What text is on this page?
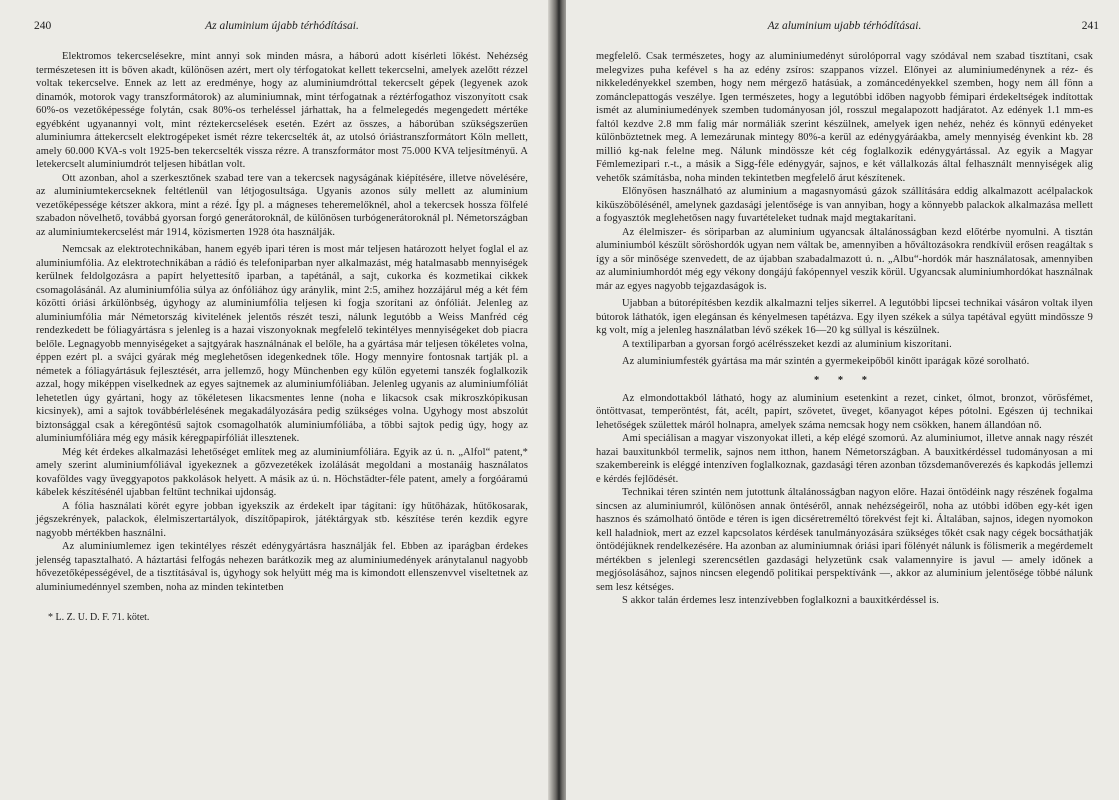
240	Az aluminium újabb térhódításai.

Elektromos tekercselésekre, mint annyi sok minden másra, a háború adott kísérleti lökést. Nehézség természetesen itt is bőven akadt, különösen azért, mert oly térfogatokat kellett tekercselni, amelyek azelőtt rézzel voltak tekercselve. Ennek az lett az eredménye, hogy az aluminiumdróttal tekercselt gépek (legyenek azok dinamók, motorok vagy transzformátorok) az aluminiumnak, mint térfogatnak a réztérfogathoz viszonyított csak 60%-os vezetőképessége folytán, csak 80%-os terheléssel járhattak, ha a felmelegedés megengedett mértéke egyébként ugyanannyi volt, mint réztekercselések esetén. Ezért az összes, a háborúban szükségszerűen aluminiumra áttekercselt elektrogépeket ismét rézre tekercselték át, az utolsó óriástranszformátort Köln mellett, amely 60.000 KVA-s volt 1925-ben tekercselték vissza rézre. A transzformátor most 75.000 KVA teljesítményű. A letekercselt aluminiumdrót teljesen hibátlan volt.

Ott azonban, ahol a szerkesztőnek szabad tere van a tekercsek nagyságának kiépítésére, illetve növelésére, az aluminiumtekercseknek feltétlenül van létjogosultsága. Ugyanis azonos súly mellett az aluminium vezetőképessége kétszer akkora, mint a rézé. Így pl. a mágneses teheremelőknél, ahol a tekercsek hossza fölfelé szabadon növelhető, továbbá gyorsan forgó generátoroknál, de különösen turbógenerátoroknál pl. Németországban az aluminiumtekercselést már 1914, közismerten 1928 óta használják.

Nemcsak az elektrotechnikában, hanem egyéb ipari téren is most már teljesen határozott helyet foglal el az aluminiumfólia. Az elektrotechnikában a rádió és telefoniparban nyer alkalmazást, még hatalmasabb mennyiségek kerülnek feldolgozásra a papírt helyettesítő iparban, a tapétánál, a sajt, cukorka és kozmetikai cikkek csomagolásánál. Az aluminiumfólia súlya az ónfóliához úgy aránylik, mint 2:5, amihez hozzájárul még a két fém közötti óriási árkülönbség, úgyhogy az aluminiumfólia teljesen ki fogja szorítani az ónfóliát. Jelenleg az aluminiumfólia már Németország kivitelének jelentős részét teszi, nálunk legutóbb a Weiss Manfréd cég rendezkedett be fóliagyártásra s jelenleg is a hazai viszonyoknak megfelelő tekintélyes mennyiségeket dob piacra belőle. Legnagyobb mennyiségeket a sajtgyárak használnának el belőle, ha a gyártása már teljesen tökéletes volna, éppen ezért pl. a svájci gyárak még meglehetősen idegenkednek tőle. Hogy mennyire fontosnak tartják pl. a németek a fóliagyártásuk fejlesztését, arra jellemző, hogy Münchenben egy külön egyetemi tanszék foglalkozik azzal, hogy miképpen viselkednek az egyes sajtnemek az aluminiumfóliában. Jelenleg ugyanis az aluminiumfóliát lehetetlen úgy gyártani, hogy az tökéletesen likacsmentes lenne (noha e likacsok csak mikroszkópikusan kicsinyek), ami a sajtok továbbérlelésének megakadályozására pedig szükséges volna. Ugyhogy most abszolút biztonsággal csak a kéregöntésű sajtok csomagolhatók aluminiumfóliába, a többi sajtok pedig úgy, hogy az aluminiumfóliára még egy másik kéregpapírfóliát illesztenek.

Még két érdekes alkalmazási lehetőséget említek meg az aluminiumfóliára. Egyik az ú. n. „Alfol“ patent,* amely szerint aluminiumfóliával igyekeznek a gőzvezetékek izolálását megoldani a mostanáig használatos kovaföldes vagy üveggyapotos pakkolások helyett. A másik az ú. n. Höchstädter-féle patent, amely a forgóáramú kábelek készítésénél ujabban feltűnt technikai ujdonság.

A fólia használati körét egyre jobban igyekszik az érdekelt ipar tágítani: így hűtőházak, hűtőkosarak, jégszekrények, palackok, élelmiszertartályok, díszítőpapirok, játéktárgyak stb. készítése terén kezdik egyre nagyobb mértékben használni.

Az aluminiumlemez igen tekintélyes részét edénygyártásra használják fel. Ebben az iparágban érdekes jelenség tapasztalható. A háztartási felfogás nehezen barátkozik meg az aluminiumedények aránytalanul nagyobb hővezetőképességével, de a tisztításával is, úgyhogy sok helyütt még ma is kimondott ellenszenvvel viseltetnek az aluminiumedénnyel szemben, noha az minden tekintetben

* L. Z. U. D. F. 71. kötet.
Az aluminium ujabb térhódításai.	241

megfelelő. Csak természetes, hogy az aluminiumedényt súrolóporral vagy szódával nem szabad tisztítani, csak melegvizes puha kefével s ha az edény zsíros: szappanos vízzel. Előnyei az aluminiumedénynek a réz- és nikkeledényekkel szemben, hogy nem mérgező hatásúak, a zománcedényekkel szemben, hogy nem áll fönn a zománclepattogás veszélye. Igen természetes, hogy a legutóbbi időben nagyobb fémipari érdekeltségek indítottak ismét az aluminiumedények szemben tudományosan jól, rosszul megalapozott hadjáratot. Az edények 1.1 mm-es faltól kezdve 2.8 mm falig már normáliák szerint készülnek, amelyek igen nehéz, nehéz és könnyű edényeket különböztetnek meg. A lemezárunak mintegy 80%-a kerül az edénygyáráakba, amely mennyiség évenkint kb. 28 millió kg-nak felelne meg. Nálunk mindössze két cég foglalkozik edénygyártással. Az egyik a Magyar Fémlemezipari r.-t., a másik a Sigg-féle edénygyár, sajnos, e két vállalkozás által felhasznált mennyiségek alig vehetők számításba, noha minden tekintetben megfelelő árut készítenek.

Előnyösen használható az aluminium a magasnyomású gázok szállítására eddig alkalmazott acélpalackok kiküszöbölésénél, amelynek gazdasági jelentősége is van annyiban, hogy a könnyebb palackok alkalmazása mellett a fogyasztók meglehetősen nagy fuvartételeket tudnak majd megtakarítani.

Az élelmiszer- és söriparban az aluminium ugyancsak általánosságban kezd előtérbe nyomulni. A tisztán aluminiumból készült söröshordók ugyan nem váltak be, amennyiben a hőváltozásokra rendkívül erősen reagáltak s így a sör minősége szenvedett, de az újabban szabadalmazott ú. n. „Albu“-hordók már használatosak, amennyiben az aluminiumhordót még egy vékony dongájú fakópennyel veszik körül. Ugyancsak aluminiumhordókat használnak már az egyes nagyobb tejgazdaságok is.

Ujabban a bútorépítésben kezdik alkalmazni teljes sikerrel. A legutóbbi lipcsei technikai vásáron voltak ilyen bútorok láthatók, igen elegánsan és kényelmesen tapétázva. Egy ilyen székek a súlya tapétával együtt mindössze 9 kg volt, míg a jelenleg használatban lévő székek 16—20 kg súllyal is készülnek.

A textiliparban a gyorsan forgó acélrésszeket kezdi az aluminium kiszorítani.

Az aluminiumfesték gyártása ma már szintén a gyermekeipőből kinőtt iparágak közé sorolható.

* * *

Az elmondottakból látható, hogy az aluminium esetenkint a rezet, cinket, ólmot, bronzot, vörösfémet, öntöttvasat, temperöntést, fát, acélt, papírt, szövetet, üveget, kőanyagot képes pótolni. Egészen új technikai lehetőségek születtek máról holnapra, amelyek száma nemcsak hogy nem csökken, hanem állandóan nő.

Ami speciálisan a magyar viszonyokat illeti, a kép elégé szomorú. Az aluminiumot, illetve annak nagy részét hazai bauxitunkból termelik, sajnos nem itthon, hanem Németországban. A bauxitkérdéssel tudományosan a mi szakembereink is eléggé intenzíven foglalkoznak, gazdasági téren azonban tőzsdemanőverezés és kapkodás jellemzi e kérdés fejlődését.

Technikai téren szintén nem jutottunk általánosságban nagyon előre. Hazai öntödéink nagy részének fogalma sincsen az aluminiumról, különösen annak öntéséről, annak nehézségeiről, noha az utóbbi időben egy-két igen hasznos és számolható öntöde e téren is igen dicséretreméltó törekvést fejt ki. Általában, sajnos, idegen nyomokon kell haladniok, mert az ezzel kapcsolatos kérdések tanulmányozására szükséges tőkét csak nagy cégek bocsáthatják öntödéjüknek rendelkezésére. Ha azonban az aluminiumnak óriási ipari fölényét nálunk is fölismerik a megérdemelt mértékben s jelenlegi szerencsétlen gazdasági helyzetünk csak valamennyire is javul — amely időnek a megjósolásához, sajnos nincsen elegendő politikai perspektívánk —, akkor az aluminium jelentősége többé nálunk sem lesz kétséges.

S akkor talán érdemes lesz intenzívebben foglalkozni a bauxitkérdéssel is.
